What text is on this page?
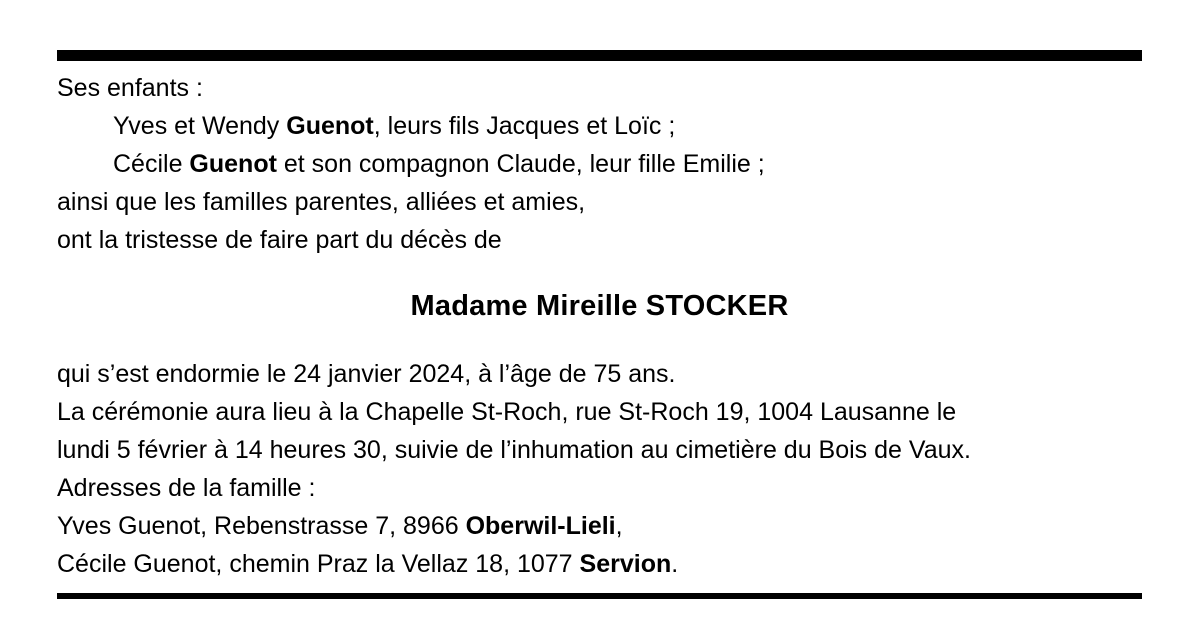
Ses enfants :
Yves et Wendy Guenot, leurs fils Jacques et Loïc ;
Cécile Guenot et son compagnon Claude, leur fille Emilie ;
ainsi que les familles parentes, alliées et amies,
ont la tristesse de faire part du décès de
Madame Mireille STOCKER
qui s’est endormie le 24 janvier 2024, à l’âge de 75 ans.
La cérémonie aura lieu à la Chapelle St-Roch, rue St-Roch 19, 1004 Lausanne le
lundi 5 février à 14 heures 30, suivie de l’inhumation au cimetière du Bois de Vaux.
Adresses de la famille :
Yves Guenot, Rebenstrasse 7, 8966 Oberwil-Lieli,
Cécile Guenot, chemin Praz la Vellaz 18, 1077 Servion.
